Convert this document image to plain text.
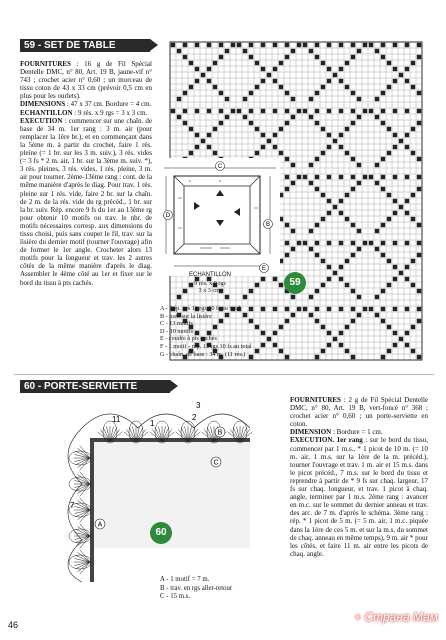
59 - SET DE TABLE
FOURNITURES : 16 g de Fil Spécial Dentelle DMC, n° 80, Art. 19 B, jaune-vif n° 743 ; crochet acier n° 0,60 ; un morceau de tissu coton de 43 x 33 cm (prévoir 0,5 cm en plus pour les ourlets).
DIMENSIONS : 47 x 37 cm. Bordure = 4 cm.
ECHANTILLON : 9 rés. x 9 rgs = 3 x 3 cm.
EXECUTION : commencer sur une chaîn. de base de 34 m. 1er rang : 3 m. air (pour remplacer la 1ère br.), et en commençant dans la 5ème m. à partir du crochet, faire 1 rés. pleine (= 1 br. sur les 3 m. suiv.), 3 rés. vides (= 3 fs * 2 m. air, 1 br. sur la 3ème m. suiv. *), 3 rés. pleines, 3 rés. vides, 1 rés. pleine, 3 m. air pour tourner. 2ème-13ème rang : cont. de la même manière d'après le diag. Pour trav. 1 rés. pleine sur 1 rés. vide, faire 2 br. sur la chaîn. de 2 m. de la rés. vide du rg précéd., 1 br. sur la br. suiv. Rép. encore 9 fs du 1er au 13ème rg pour obtenir 10 motifs ou trav. le nbr. de motifs nécessaires corresp. aux dimensions du tissu choisi, puis sans couper le fil, trav. sur la lisière du dernier motif (tourner l'ouvrage) afin de former le 1er angle. Crocheter alors 13 motifs pour la longueur et trav. les 2 autres côtés de la même manière d'après le diag. Assembler le 4ème côté au 1er et fixer sur le bord du tissu à pts cachés.
C
D
B
E
ECHANTILLON
9 rés. x 9 rgs
3 x 3 cm.
59
A - Rép. ces 11 rgs 10 fs au total
B - trav. sur la lisière
C - 13 motifs
D - 10 motifs
E - coudre à pts cachés
F - 1 motif - rép. 13 rgs 10 fs au total
G - chaîn. de base : 34 m. (11 rés.)
60 - PORTE-SERVIETTE
3
2
11	1
7
B
C
A
60
A - 1 motif = 7 m.
B - trav. en rgs aller-retour
C - 15 m.s.
FOURNITURES : 2 g de Fil Spécial Dentelle DMC, n° 80, Art. 19 B, vert-foncé n° 368 ; crochet acier n° 0,60 ; un porte-serviette en coton.
DIMENSION : Bordure = 1 cm.
EXECUTION. 1er rang : sur le bord du tissu, commencer par 1 m.s., * 1 picot de 10 m. (= 10 m. air, 1 m.s. sur la 1ère de la m. précéd.), tourner l'ouvrage et trav. 1 m. air et 15 m.s. dans le picot précéd., 7 m.s. sur le bord du tissu et reprendre à partir de * 9 fs sur chaq. largeur, 17 fs sur chaq. longueur, et trav. 1 picot à chaq. angle, terminer par 1 m.s. 2ème rang : avancer en m.c. sur le sommet du dernier anneau et trav. des arc. de 7 m. d'après le schéma. 3ème rang : rép. * 1 picot de 5 m. (= 5 m. air, 1 m.c. piquée dans la 1ère de ces 5 m. et sur la m.s. du sommet de chaq. anneau en même temps), 9 m. air * pour les côtés, et faire 11 m. air entre les picots de chaq. angle.
46
+ Страна Мам
